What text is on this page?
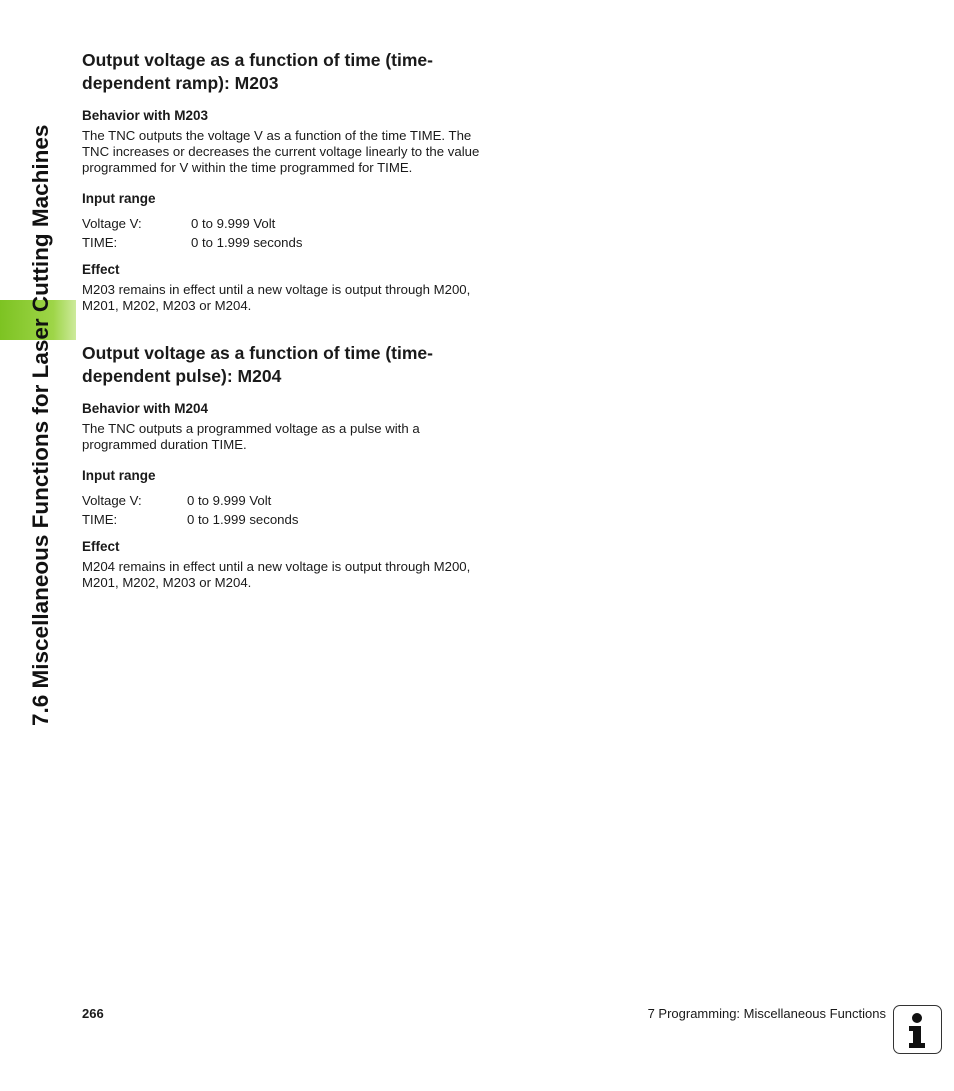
7.6 Miscellaneous Functions for Laser Cutting Machines
Output voltage as a function of time (time-
dependent ramp): M203
Behavior with M203

The TNC outputs the voltage V as a function of the time TIME. The
TNC increases or decreases the current voltage linearly to the value
programmed for V within the time programmed for TIME.

Input range
Voltage V:	0 to 9.999 Volt
TIME:	0 to 1.999 seconds
Effect

M203 remains in effect until a new voltage is output through M200,
M201, M202, M203 or M204.

Output voltage as a function of time (time-
dependent pulse): M204
Behavior with M204

The TNC outputs a programmed voltage as a pulse with a
programmed duration TIME.

Input range
Voltage V:	0 to 9.999 Volt
TIME:	0 to 1.999 seconds
Effect

M204 remains in effect until a new voltage is output through M200,
M201, M202, M203 or M204.

266	7 Programming: Miscellaneous Functions
